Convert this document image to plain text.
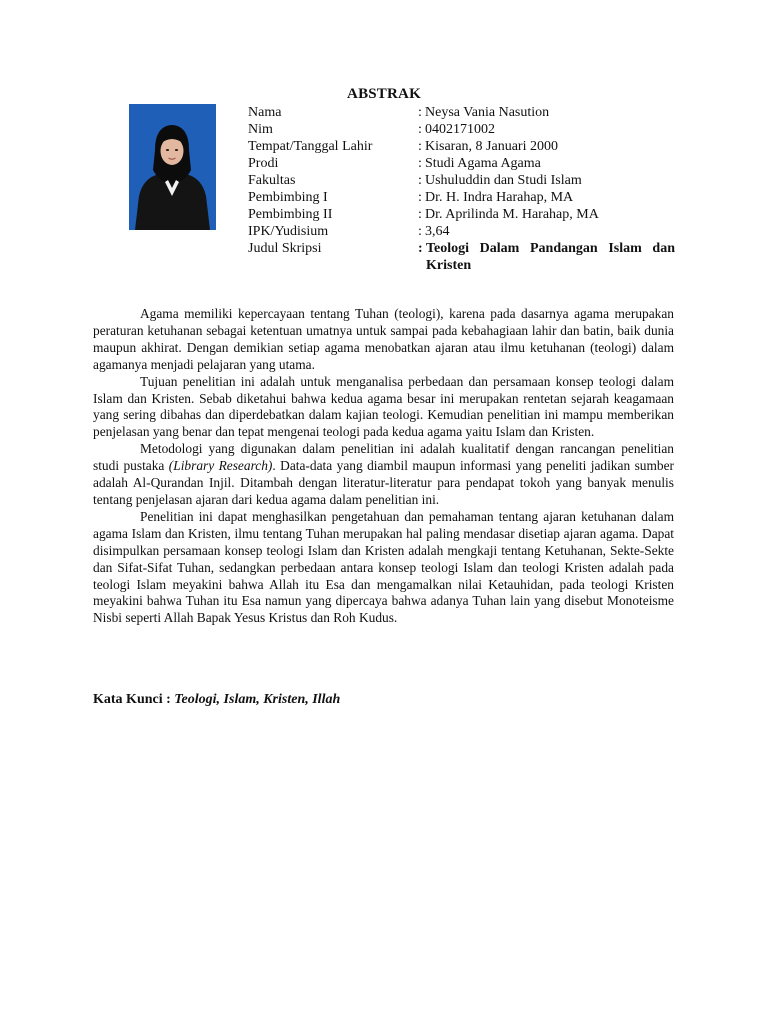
ABSTRAK
Nama	: Neysa Vania Nasution
Nim	: 0402171002
Tempat/Tanggal Lahir	: Kisaran, 8 Januari 2000
Prodi	: Studi Agama Agama
Fakultas	: Ushuluddin dan Studi Islam
Pembimbing I	: Dr. H. Indra Harahap, MA
Pembimbing II	: Dr. Aprilinda M. Harahap, MA
IPK/Yudisium	: 3,64
Judul Skripsi	: Teologi Dalam Pandangan Islam dan Kristen

Agama memiliki kepercayaan tentang Tuhan (teologi), karena pada dasarnya agama merupakan peraturan ketuhanan sebagai ketentuan umatnya untuk sampai pada kebahagiaan lahir dan batin, baik dunia maupun akhirat. Dengan demikian setiap agama menobatkan ajaran atau ilmu ketuhanan (teologi) dalam agamanya menjadi pelajaran yang utama.

Tujuan penelitian ini adalah untuk menganalisa perbedaan dan persamaan konsep teologi dalam Islam dan Kristen. Sebab diketahui bahwa kedua agama besar ini merupakan rentetan sejarah keagamaan yang sering dibahas dan diperdebatkan dalam kajian teologi. Kemudian penelitian ini mampu memberikan penjelasan yang benar dan tepat mengenai teologi pada kedua agama yaitu Islam dan Kristen.

Metodologi yang digunakan dalam penelitian ini adalah kualitatif dengan rancangan penelitian studi pustaka (Library Research). Data-data yang diambil maupun informasi yang peneliti jadikan sumber adalah Al-Qurandan Injil. Ditambah dengan literatur-literatur para pendapat tokoh yang banyak menulis tentang penjelasan ajaran dari kedua agama dalam penelitian ini.

Penelitian ini dapat menghasilkan pengetahuan dan pemahaman tentang ajaran ketuhanan dalam agama Islam dan Kristen, ilmu tentang Tuhan merupakan hal paling mendasar disetiap ajaran agama. Dapat disimpulkan persamaan konsep teologi Islam dan Kristen adalah mengkaji tentang Ketuhanan, Sekte-Sekte dan Sifat-Sifat Tuhan, sedangkan perbedaan antara konsep teologi Islam dan teologi Kristen adalah pada teologi Islam meyakini bahwa Allah itu Esa dan mengamalkan nilai Ketauhidan, pada teologi Kristen meyakini bahwa Tuhan itu Esa namun yang dipercaya bahwa adanya Tuhan lain yang disebut Monoteisme Nisbi seperti Allah Bapak Yesus Kristus dan Roh Kudus.

Kata Kunci : Teologi, Islam, Kristen, Illah
